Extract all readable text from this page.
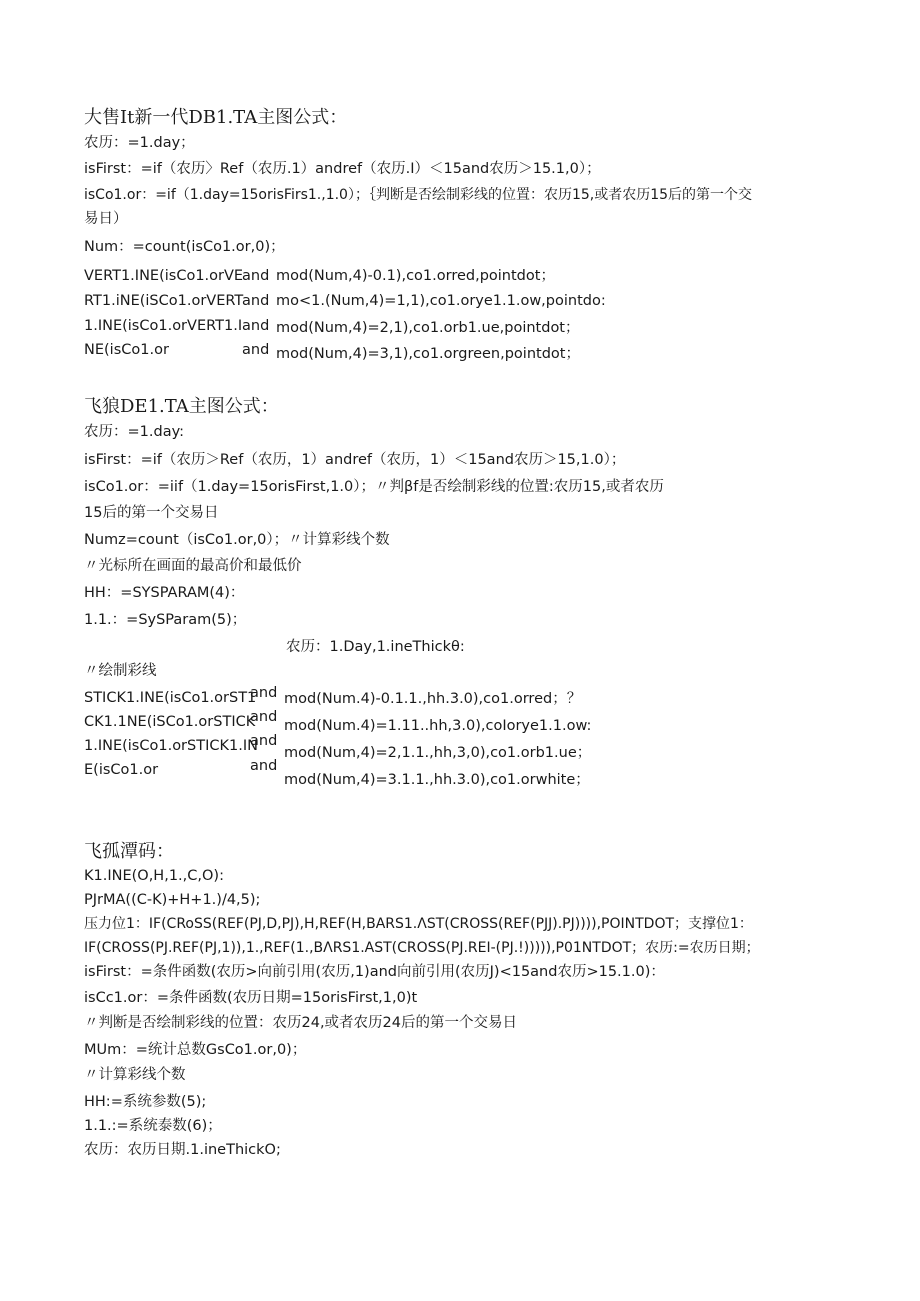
大售It新一代DB1.TA主图公式：
农历：=1.day；
isFirst：=if（农历〉Ref（农历.1）andref（农历.I）＜15and农历＞15.1,0）；
isCo1.or：=if（1.day=15orisFirs1.,1.0）；｛判断是否绘制彩线的位置：农历15,或者农历15后的第一个交
易日）
Num：=count(isCo1.or,0)；
VERT1.INE(isCo1.orVE
and mod(Num,4)-0.1),co1.orred,pointdot；
RT1.iNE(iSCo1.orVERT
and mo<1.(Num,4)=1,1),co1.orye1.1.ow,pointdo:
1.INE(isCo1.orVERT1.I and mod(Num,4)=2,1),co1.orb1.ue,pointdot；
NE(isCo1.or	and mod(Num,4)=3,1),co1.orgreen,pointdot；
飞狼DE1.TA主图公式：
农历：=1.day:
isFirst：=if（农历＞Ref（农历，1）andref（农历，1）＜15and农历＞15,1.0）；
isCo1.or：=iif（1.day=15orisFirst,1.0）；〃判βf是否绘制彩线的位置:农历15,或者农历
15后的第一个交易日
Numz=count（isCo1.or,0）；〃计算彩线个数
〃光标所在画面的最高价和最低价
HH：=SYSPARAM(4)：
1.1.：=SySParam(5)；
农历：1.Day,1.ineThickθ:
〃绘制彩线
STICK1.INE(isCo1.orST1
and mod(Num.4)-0.1.1.,hh.3.0),co1.orred；？
CK1.1NE(iSCo1.orSTICK
and
mod(Num.4)=1.11..hh,3.0),coIorye1.1.ow:
1.INE(isCo1.orSTICK1.IN
and
mod(Num,4)=2,1.1.,hh,3,0),co1.orb1.ue；
E(isCo1.or	and
mod(Num,4)=3.1.1.,hh.3.0),co1.orwhite；
飞孤潭码：
K1.INE(O,H,1.,C,O):
PJrMA((C-K)+H+1.)∕4,5);
压力位1：IF(CRoSS(REF(PJ,D,PJ),H,REF(H,BARS1.ΛST(CROSS(REF(PJJ).PJ)))),POINTDOT；支撑位1：
IF(CROSS(PJ.REF(PJ,1)),1.,REF(1.,BΛRS1.AST(CROSS(PJ.REI-(PJ.!))))),P01NTDOT；农历:=农历日期；
isFirst：=条件函数(农历>向前引用(农历,1)and向前引用(农历J)<15and农历>15.1.0)：
isCc1.or：=条件函数(农历日期=15orisFirst,1,0)t
〃判断是否绘制彩线的位置：农历24,或者农历24后的第一个交易日
MUm：=统计总数GsCo1.or,0)；
〃计算彩线个数
HH:=系统参数(5);
1.1.:=系统泰数(6)；
农历：农历日期.1.ineThickO;
